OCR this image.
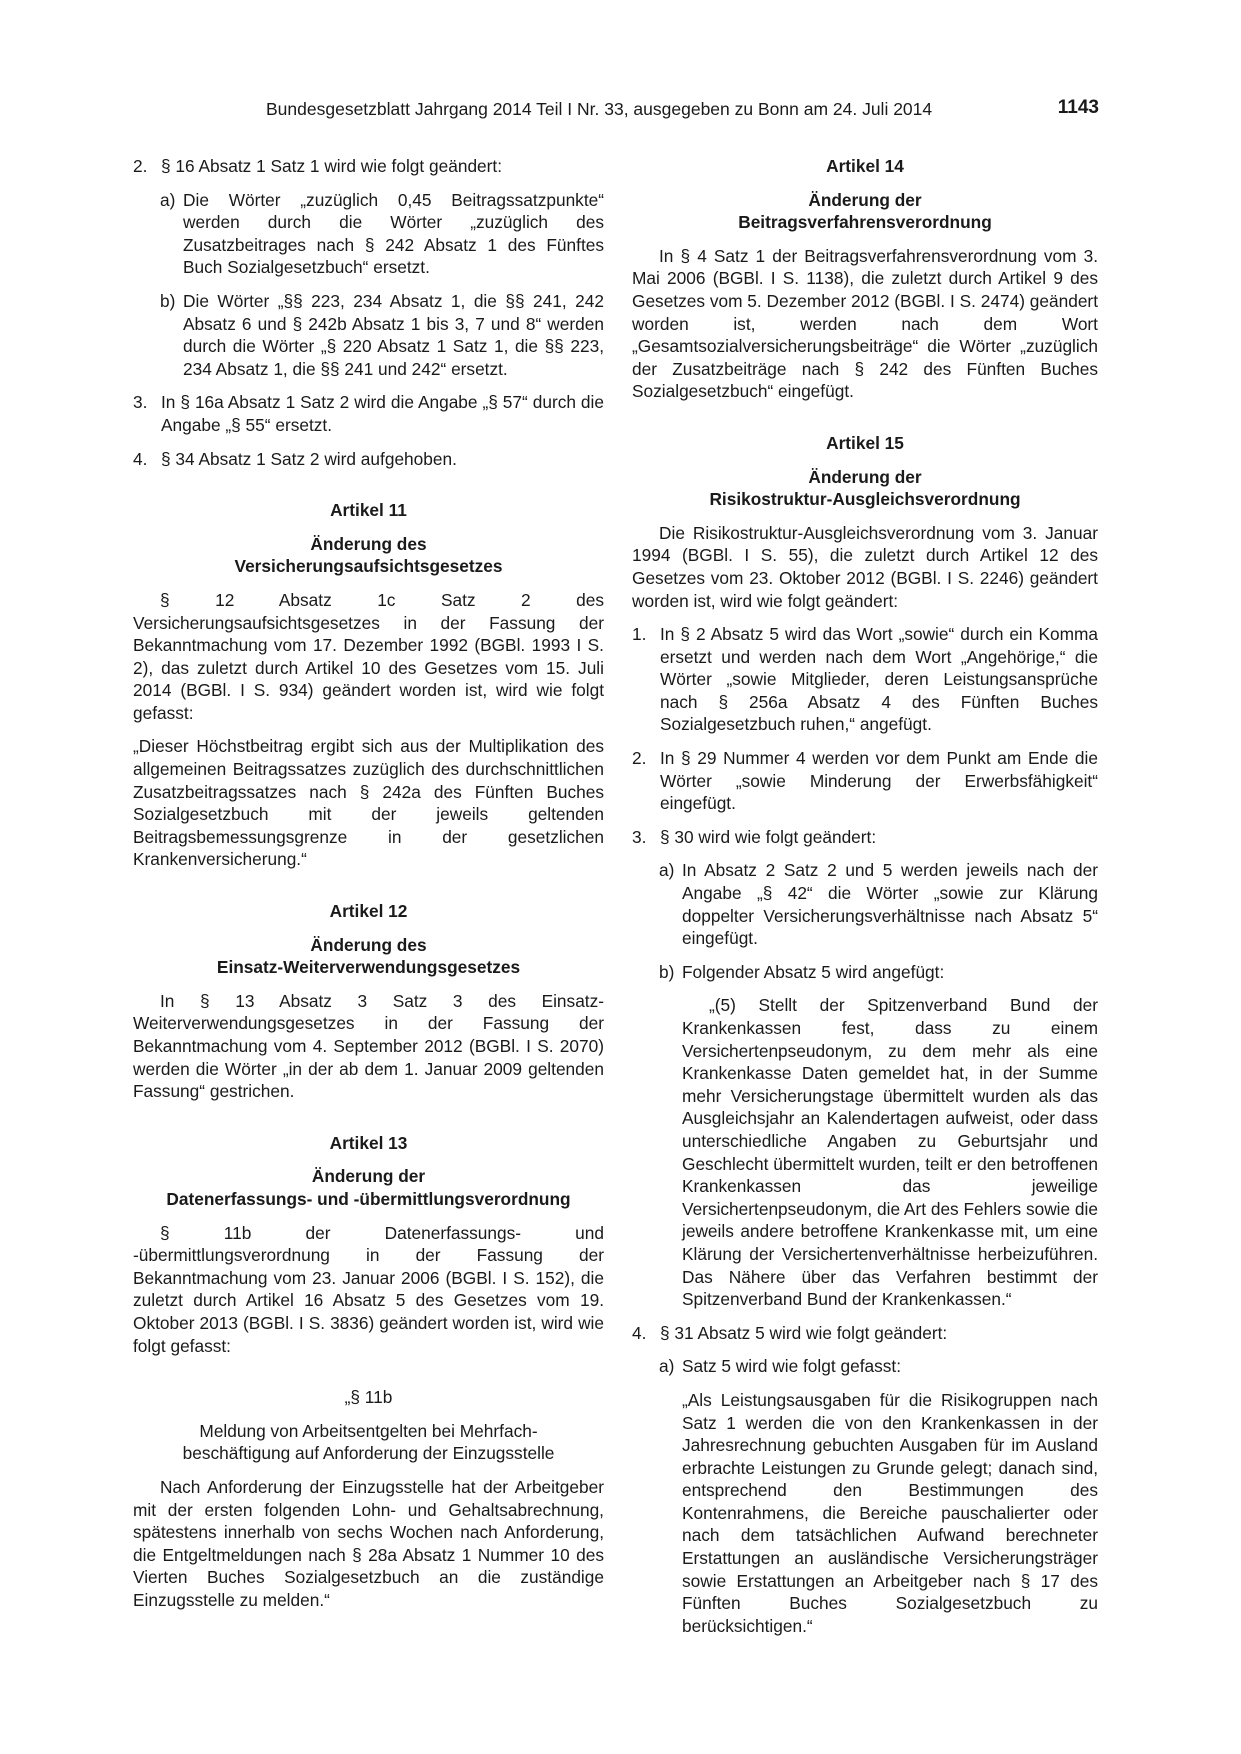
Bundesgesetzblatt Jahrgang 2014 Teil I Nr. 33, ausgegeben zu Bonn am 24. Juli 2014	1143
2. § 16 Absatz 1 Satz 1 wird wie folgt geändert:
a) Die Wörter „zuzüglich 0,45 Beitragssatzpunkte“ werden durch die Wörter „zuzüglich des Zusatzbeitrages nach § 242 Absatz 1 des Fünftes Buch Sozialgesetzbuch“ ersetzt.
b) Die Wörter „§§ 223, 234 Absatz 1, die §§ 241, 242 Absatz 6 und § 242b Absatz 1 bis 3, 7 und 8“ werden durch die Wörter „§ 220 Absatz 1 Satz 1, die §§ 223, 234 Absatz 1, die §§ 241 und 242“ ersetzt.
3. In § 16a Absatz 1 Satz 2 wird die Angabe „§ 57“ durch die Angabe „§ 55“ ersetzt.
4. § 34 Absatz 1 Satz 2 wird aufgehoben.
Artikel 11
Änderung des
Versicherungsaufsichtsgesetzes

§ 12 Absatz 1c Satz 2 des Versicherungsaufsichtsgesetzes in der Fassung der Bekanntmachung vom 17. Dezember 1992 (BGBl. 1993 I S. 2), das zuletzt durch Artikel 10 des Gesetzes vom 15. Juli 2014 (BGBl. I S. 934) geändert worden ist, wird wie folgt gefasst:

„Dieser Höchstbeitrag ergibt sich aus der Multiplikation des allgemeinen Beitragssatzes zuzüglich des durchschnittlichen Zusatzbeitragssatzes nach § 242a des Fünften Buches Sozialgesetzbuch mit der jeweils geltenden Beitragsbemessungsgrenze in der gesetzlichen Krankenversicherung.“

Artikel 12
Änderung des
Einsatz-Weiterverwendungsgesetzes

In § 13 Absatz 3 Satz 3 des Einsatz-Weiterverwendungsgesetzes in der Fassung der Bekanntmachung vom 4. September 2012 (BGBl. I S. 2070) werden die Wörter „in der ab dem 1. Januar 2009 geltenden Fassung“ gestrichen.

Artikel 13
Änderung der
Datenerfassungs- und -übermittlungsverordnung

§ 11b der Datenerfassungs- und -übermittlungsverordnung in der Fassung der Bekanntmachung vom 23. Januar 2006 (BGBl. I S. 152), die zuletzt durch Artikel 16 Absatz 5 des Gesetzes vom 19. Oktober 2013 (BGBl. I S. 3836) geändert worden ist, wird wie folgt gefasst:

„§ 11b
Meldung von Arbeitsentgelten bei Mehrfach-
beschäftigung auf Anforderung der Einzugsstelle

Nach Anforderung der Einzugsstelle hat der Arbeitgeber mit der ersten folgenden Lohn- und Gehaltsabrechnung, spätestens innerhalb von sechs Wochen nach Anforderung, die Entgeltmeldungen nach § 28a Absatz 1 Nummer 10 des Vierten Buches Sozialgesetzbuch an die zuständige Einzugsstelle zu melden.“

Artikel 14
Änderung der
Beitragsverfahrensverordnung

In § 4 Satz 1 der Beitragsverfahrensverordnung vom 3. Mai 2006 (BGBl. I S. 1138), die zuletzt durch Artikel 9 des Gesetzes vom 5. Dezember 2012 (BGBl. I S. 2474) geändert worden ist, werden nach dem Wort „Gesamtsozialversicherungsbeiträge“ die Wörter „zuzüglich der Zusatzbeiträge nach § 242 des Fünften Buches Sozialgesetzbuch“ eingefügt.

Artikel 15
Änderung der
Risikostruktur-Ausgleichsverordnung

Die Risikostruktur-Ausgleichsverordnung vom 3. Januar 1994 (BGBl. I S. 55), die zuletzt durch Artikel 12 des Gesetzes vom 23. Oktober 2012 (BGBl. I S. 2246) geändert worden ist, wird wie folgt geändert:

1. In § 2 Absatz 5 wird das Wort „sowie“ durch ein Komma ersetzt und werden nach dem Wort „Angehörige,“ die Wörter „sowie Mitglieder, deren Leistungsansprüche nach § 256a Absatz 4 des Fünften Buches Sozialgesetzbuch ruhen,“ angefügt.
2. In § 29 Nummer 4 werden vor dem Punkt am Ende die Wörter „sowie Minderung der Erwerbsfähigkeit“ eingefügt.
3. § 30 wird wie folgt geändert:
a) In Absatz 2 Satz 2 und 5 werden jeweils nach der Angabe „§ 42“ die Wörter „sowie zur Klärung doppelter Versicherungsverhältnisse nach Absatz 5“ eingefügt.
b) Folgender Absatz 5 wird angefügt:

„(5) Stellt der Spitzenverband Bund der Krankenkassen fest, dass zu einem Versichertenpseudonym, zu dem mehr als eine Krankenkasse Daten gemeldet hat, in der Summe mehr Versicherungstage übermittelt wurden als das Ausgleichsjahr an Kalendertagen aufweist, oder dass unterschiedliche Angaben zu Geburtsjahr und Geschlecht übermittelt wurden, teilt er den betroffenen Krankenkassen das jeweilige Versichertenpseudonym, die Art des Fehlers sowie die jeweils andere betroffene Krankenkasse mit, um eine Klärung der Versichertenverhältnisse herbeizuführen. Das Nähere über das Verfahren bestimmt der Spitzenverband Bund der Krankenkassen.“

4. § 31 Absatz 5 wird wie folgt geändert:
a) Satz 5 wird wie folgt gefasst:

„Als Leistungsausgaben für die Risikogruppen nach Satz 1 werden die von den Krankenkassen in der Jahresrechnung gebuchten Ausgaben für im Ausland erbrachte Leistungen zu Grunde gelegt; danach sind, entsprechend den Bestimmungen des Kontenrahmens, die Bereiche pauschalierter oder nach dem tatsächlichen Aufwand berechneter Erstattungen an ausländische Versicherungsträger sowie Erstattungen an Arbeitgeber nach § 17 des Fünften Buches Sozialgesetzbuch zu berücksichtigen.“
